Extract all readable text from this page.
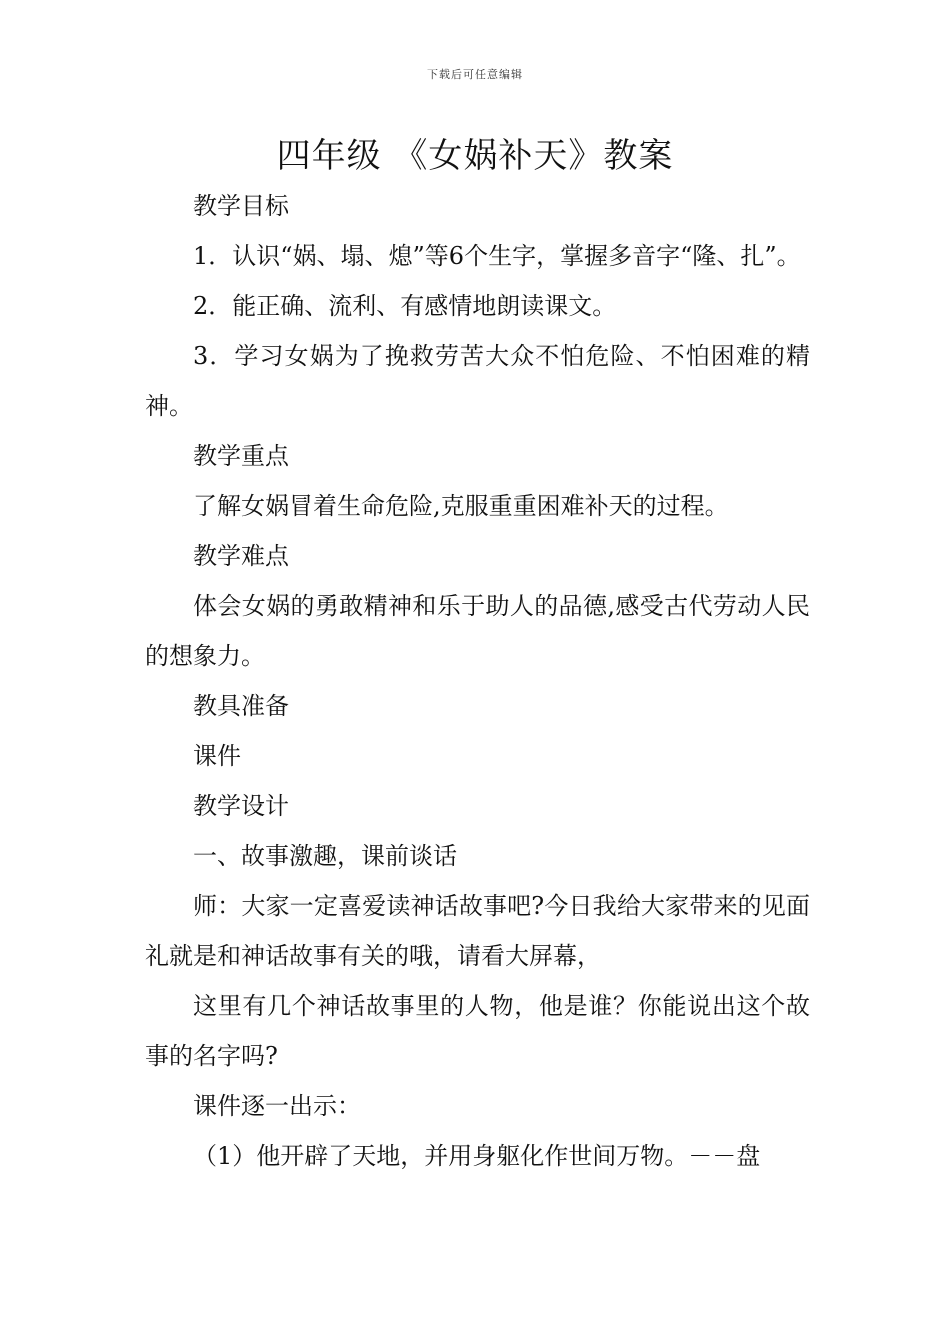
下载后可任意编辑
四年级 《女娲补天》教案

教学目标

1．认识“娲、塌、熄”等6个生字，掌握多音字“隆、扎”。

2．能正确、流利、有感情地朗读课文。

3．学习女娲为了挽救劳苦大众不怕危险、不怕困难的精神。

教学重点

了解女娲冒着生命危险,克服重重困难补天的过程。

教学难点

体会女娲的勇敢精神和乐于助人的品德,感受古代劳动人民的想象力。

教具准备

课件

教学设计

一、故事激趣，课前谈话

师：大家一定喜爱读神话故事吧?今日我给大家带来的见面礼就是和神话故事有关的哦，请看大屏幕，

这里有几个神话故事里的人物，他是谁？你能说出这个故事的名字吗?

课件逐一出示：

（1）他开辟了天地，并用身躯化作世间万物。－－盘
